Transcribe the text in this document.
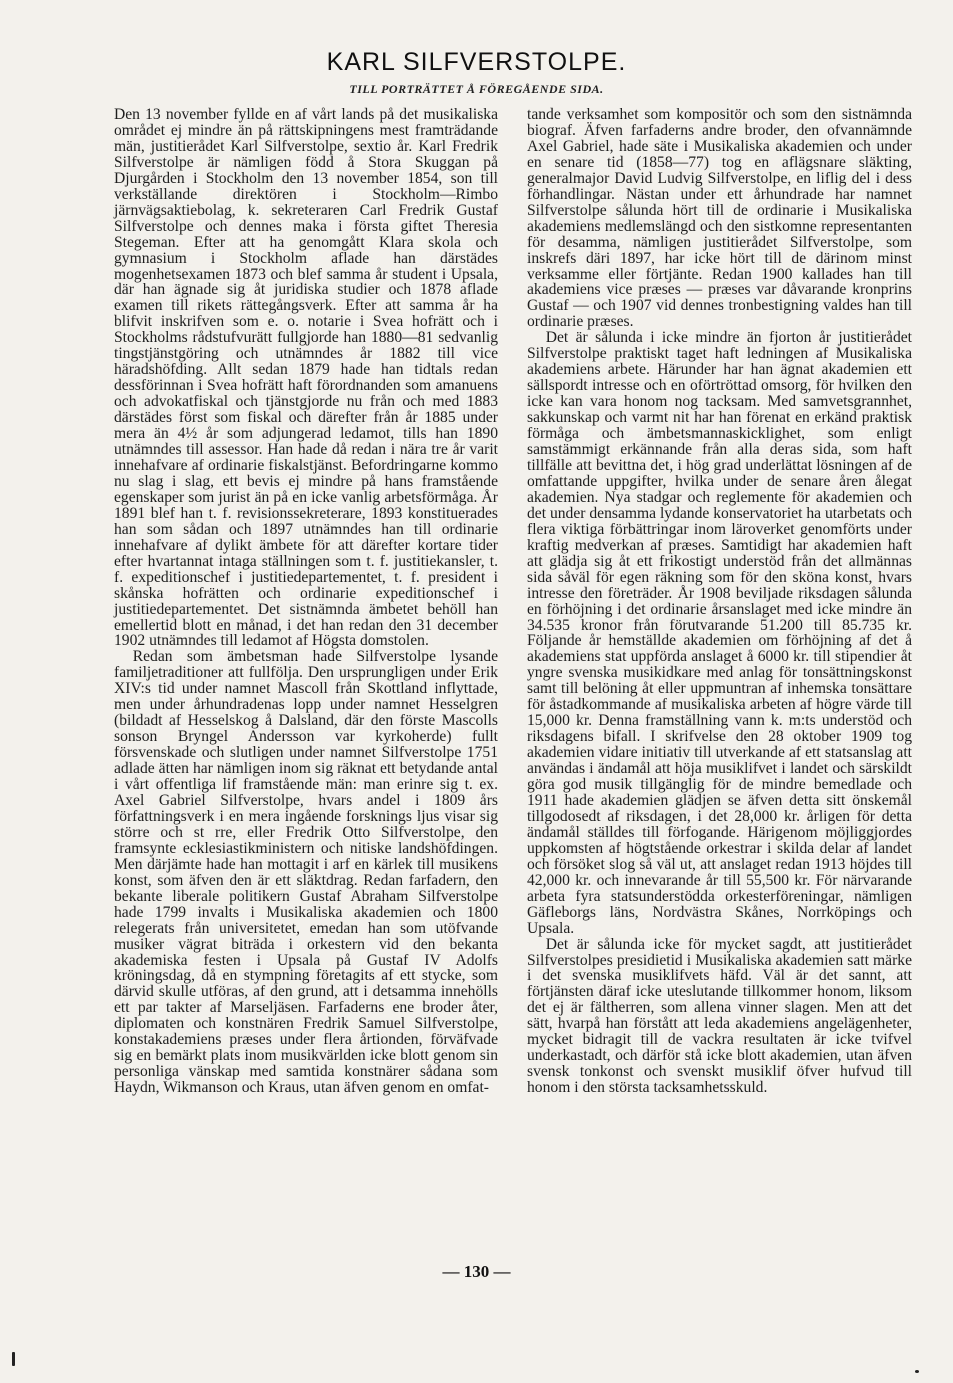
KARL SILFVERSTOLPE.
TILL PORTRÄTTET Å FÖREGÅENDE SIDA.

Den 13 november fyllde en af vårt lands på det musikaliska området ej mindre än på rättskipningens mest framträdande män, justitierådet Karl Silfverstolpe, sextio år. Karl Fredrik Silfverstolpe är nämligen född å Stora Skuggan på Djurgården i Stockholm den 13 november 1854, son till verkställande direktören i Stockholm—Rimbo järnvägsaktiebolag, k. sekreteraren Carl Fredrik Gustaf Silfverstolpe och dennes maka i första giftet Theresia Stegeman. Efter att ha genomgått Klara skola och gymnasium i Stockholm aflade han därstädes mogenhetsexamen 1873 och blef samma år student i Upsala, där han ägnade sig åt juridiska studier och 1878 aflade examen till rikets rättegångsverk. Efter att samma år ha blifvit inskrifven som e. o. notarie i Svea hofrätt och i Stockholms rådstufvurätt fullgjorde han 1880—81 sedvanlig tingstjänstgöring och utnämndes år 1882 till vice häradshöfding. Allt sedan 1879 hade han tidtals redan dessförinnan i Svea hofrätt haft förordnanden som amanuens och advokatfiskal och tjänstgjorde nu från och med 1883 därstädes först som fiskal och därefter från år 1885 under mera än 4½ år som adjungerad ledamot, tills han 1890 utnämndes till assessor. Han hade då redan i nära tre år varit innehafvare af ordinarie fiskalstjänst. Befordringarne kommo nu slag i slag, ett bevis ej mindre på hans framstående egenskaper som jurist än på en icke vanlig arbetsförmåga. År 1891 blef han t. f. revisionssekreterare, 1893 konstituerades han som sådan och 1897 utnämndes han till ordinarie innehafvare af dylikt ämbete för att därefter kortare tider efter hvartannat intaga ställningen som t. f. justitiekansler, t. f. expeditionschef i justitiedepartementet, t. f. president i skånska hofrätten och ordinarie expeditionschef i justitiedepartementet. Det sistnämnda ämbetet behöll han emellertid blott en månad, i det han redan den 31 december 1902 utnämndes till ledamot af Högsta domstolen.

Redan som ämbetsman hade Silfverstolpe lysande familjetraditioner att fullfölja. Den ursprungligen under Erik XIV:s tid under namnet Mascoll från Skottland inflyttade, men under århundradenas lopp under namnet Hesselgren (bildadt af Hesselskog å Dalsland, där den förste Mascolls sonson Bryngel Andersson var kyrkoherde) fullt försvenskade och slutligen under namnet Silfverstolpe 1751 adlade ätten har nämligen inom sig räknat ett betydande antal i vårt offentliga lif framstående män: man erinre sig t. ex. Axel Gabriel Silfverstolpe, hvars andel i 1809 års författningsverk i en mera ingående forsknings ljus visar sig större och st rre, eller Fredrik Otto Silfverstolpe, den framsynte ecklesiastikministern och nitiske landshöfdingen. Men därjämte hade han mottagit i arf en kärlek till musikens konst, som äfven den är ett släktdrag. Redan farfadern, den bekante liberale politikern Gustaf Abraham Silfverstolpe hade 1799 invalts i Musikaliska akademien och 1800 relegerats från universitetet, emedan han som utöfvande musiker vägrat biträda i orkestern vid den bekanta akademiska festen i Upsala på Gustaf IV Adolfs kröningsdag, då en stympning företagits af ett stycke, som därvid skulle utföras, af den grund, att i detsamma innehölls ett par takter af Marseljäsen. Farfaderns ene broder åter, diplomaten och konstnären Fredrik Samuel Silfverstolpe, konstakademiens præses under flera årtionden, förväfvade sig en bemärkt plats inom musikvärlden icke blott genom sin personliga vänskap med samtida konstnärer sådana som Haydn, Wikmanson och Kraus, utan äfven genom en omfat-

tande verksamhet som kompositör och som den sistnämnda biograf. Äfven farfaderns andre broder, den ofvannämnde Axel Gabriel, hade säte i Musikaliska akademien och under en senare tid (1858—77) tog en aflägsnare släkting, generalmajor David Ludvig Silfverstolpe, en liflig del i dess förhandlingar. Nästan under ett århundrade har namnet Silfverstolpe sålunda hört till de ordinarie i Musikaliska akademiens medlemslängd och den sistkomne representanten för desamma, nämligen justitierådet Silfverstolpe, som inskrefs däri 1897, har icke hört till de därinom minst verksamme eller förtjänte. Redan 1900 kallades han till akademiens vice præses — præses var dåvarande kronprins Gustaf — och 1907 vid dennes tronbestigning valdes han till ordinarie præses.

Det är sålunda i icke mindre än fjorton år justitierådet Silfverstolpe praktiskt taget haft ledningen af Musikaliska akademiens arbete. Härunder har han ägnat akademien ett sällspordt intresse och en oförtröttad omsorg, för hvilken den icke kan vara honom nog tacksam. Med samvetsgrannhet, sakkunskap och varmt nit har han förenat en erkänd praktisk förmåga och ämbetsmannaskicklighet, som enligt samstämmigt erkännande från alla deras sida, som haft tillfälle att bevittna det, i hög grad underlättat lösningen af de omfattande uppgifter, hvilka under de senare åren ålegat akademien. Nya stadgar och reglemente för akademien och det under densamma lydande konservatoriet ha utarbetats och flera viktiga förbättringar inom läroverket genomförts under kraftig medverkan af præses. Samtidigt har akademien haft att glädja sig åt ett frikostigt understöd från det allmännas sida såväl för egen räkning som för den sköna konst, hvars intresse den företräder. År 1908 beviljade riksdagen sålunda en förhöjning i det ordinarie årsanslaget med icke mindre än 34.535 kronor från förutvarande 51.200 till 85.735 kr. Följande år hemställde akademien om förhöjning af det å akademiens stat uppförda anslaget å 6000 kr. till stipendier åt yngre svenska musikidkare med anlag för tonsättningskonst samt till belöning åt eller uppmuntran af inhemska tonsättare för åstadkommande af musikaliska arbeten af högre värde till 15,000 kr. Denna framställning vann k. m:ts understöd och riksdagens bifall. I skrifvelse den 28 oktober 1909 tog akademien vidare initiativ till utverkande af ett statsanslag att användas i ändamål att höja musiklifvet i landet och särskildt göra god musik tillgänglig för de mindre bemedlade och 1911 hade akademien glädjen se äfven detta sitt önskemål tillgodosedt af riksdagen, i det 28,000 kr. årligen för detta ändamål ställdes till förfogande. Härigenom möjliggjordes uppkomsten af högtstående orkestrar i skilda delar af landet och försöket slog så väl ut, att anslaget redan 1913 höjdes till 42,000 kr. och innevarande år till 55,500 kr. För närvarande arbeta fyra statsunderstödda orkesterföreningar, nämligen Gäfleborgs läns, Nordvästra Skånes, Norrköpings och Upsala.

Det är sålunda icke för mycket sagdt, att justitierådet Silfverstolpes presidietid i Musikaliska akademien satt märke i det svenska musiklifvets häfd. Väl är det sannt, att förtjänsten däraf icke uteslutande tillkommer honom, liksom det ej är fältherren, som allena vinner slagen. Men att det sätt, hvarpå han förstått att leda akademiens angelägenheter, mycket bidragit till de vackra resultaten är icke tvifvel underkastadt, och därför stå icke blott akademien, utan äfven svensk tonkonst och svenskt musiklif öfver hufvud till honom i den största tacksamhetsskuld.

— 130 —
